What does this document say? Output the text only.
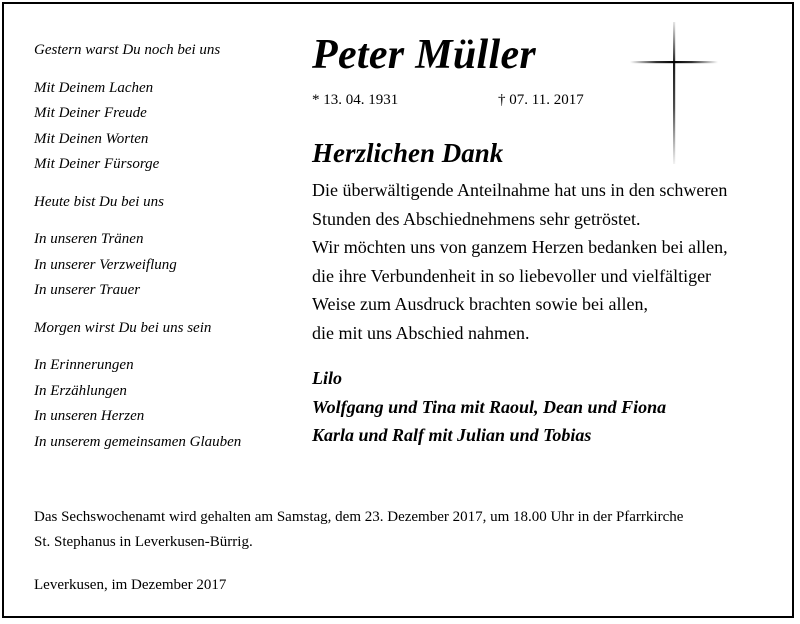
Gestern warst Du noch bei uns
Mit Deinem Lachen
Mit Deiner Freude
Mit Deinen Worten
Mit Deiner Fürsorge
Heute bist Du bei uns
In unseren Tränen
In unserer Verzweiflung
In unserer Trauer
Morgen wirst Du bei uns sein
In Erinnerungen
In Erzählungen
In unseren Herzen
In unserem gemeinsamen Glauben
Peter Müller
* 13. 04. 1931	† 07. 11. 2017
Herzlichen Dank
Die überwältigende Anteilnahme hat uns in den schweren
Stunden des Abschiednehmens sehr getröstet.
Wir möchten uns von ganzem Herzen bedanken bei allen,
die ihre Verbundenheit in so liebevoller und vielfältiger
Weise zum Ausdruck brachten sowie bei allen,
die mit uns Abschied nahmen.
Lilo
Wolfgang und Tina mit Raoul, Dean und Fiona
Karla und Ralf mit Julian und Tobias
Das Sechswochenamt wird gehalten am Samstag, dem 23. Dezember 2017, um 18.00 Uhr in der Pfarrkirche
St. Stephanus in Leverkusen-Bürrig.
Leverkusen, im Dezember 2017
